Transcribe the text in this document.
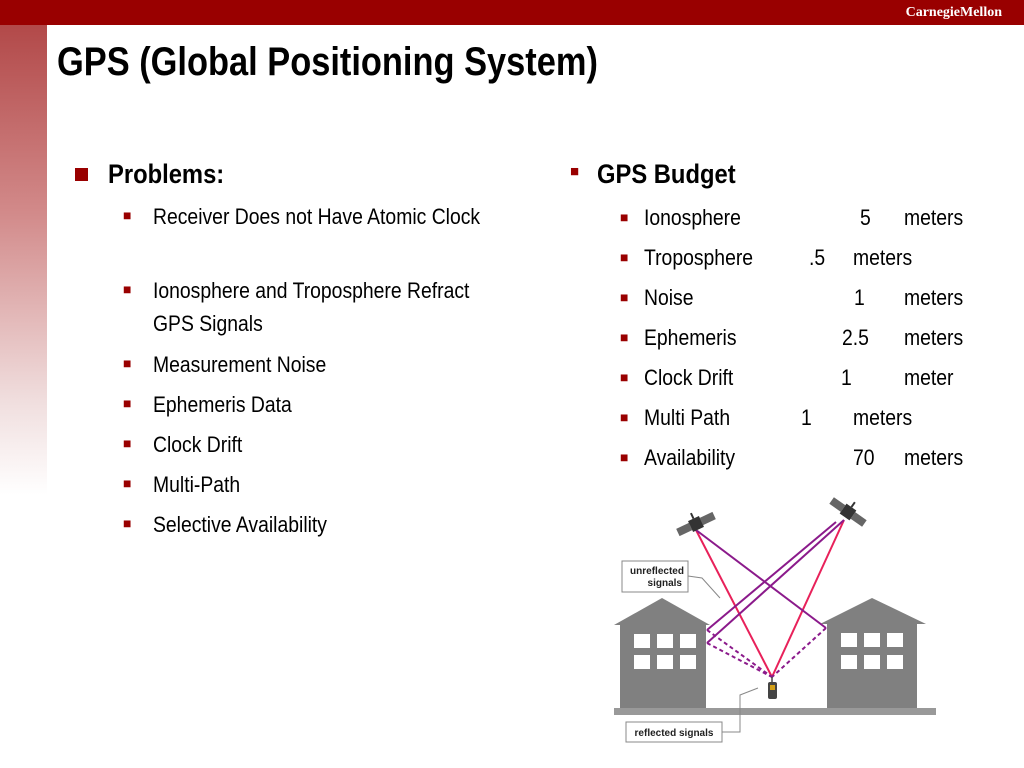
CarnegieMellon
GPS (Global Positioning System)
Problems:
■ Receiver Does not Have Atomic Clock
■ Ionosphere and Troposphere Refract GPS Signals
■ Measurement Noise
■ Ephemeris Data
■ Clock Drift
■ Multi-Path
■ Selective Availability
■ GPS Budget
■ Ionosphere	5 meters
■ Troposphere	.5 meters
■ Noise	1 meters
■ Ephemeris	2.5 meters
■ Clock Drift	1 meter
■ Multi Path	1 meters
■ Availability	70 meters
unreflected
signals
reflected signals
